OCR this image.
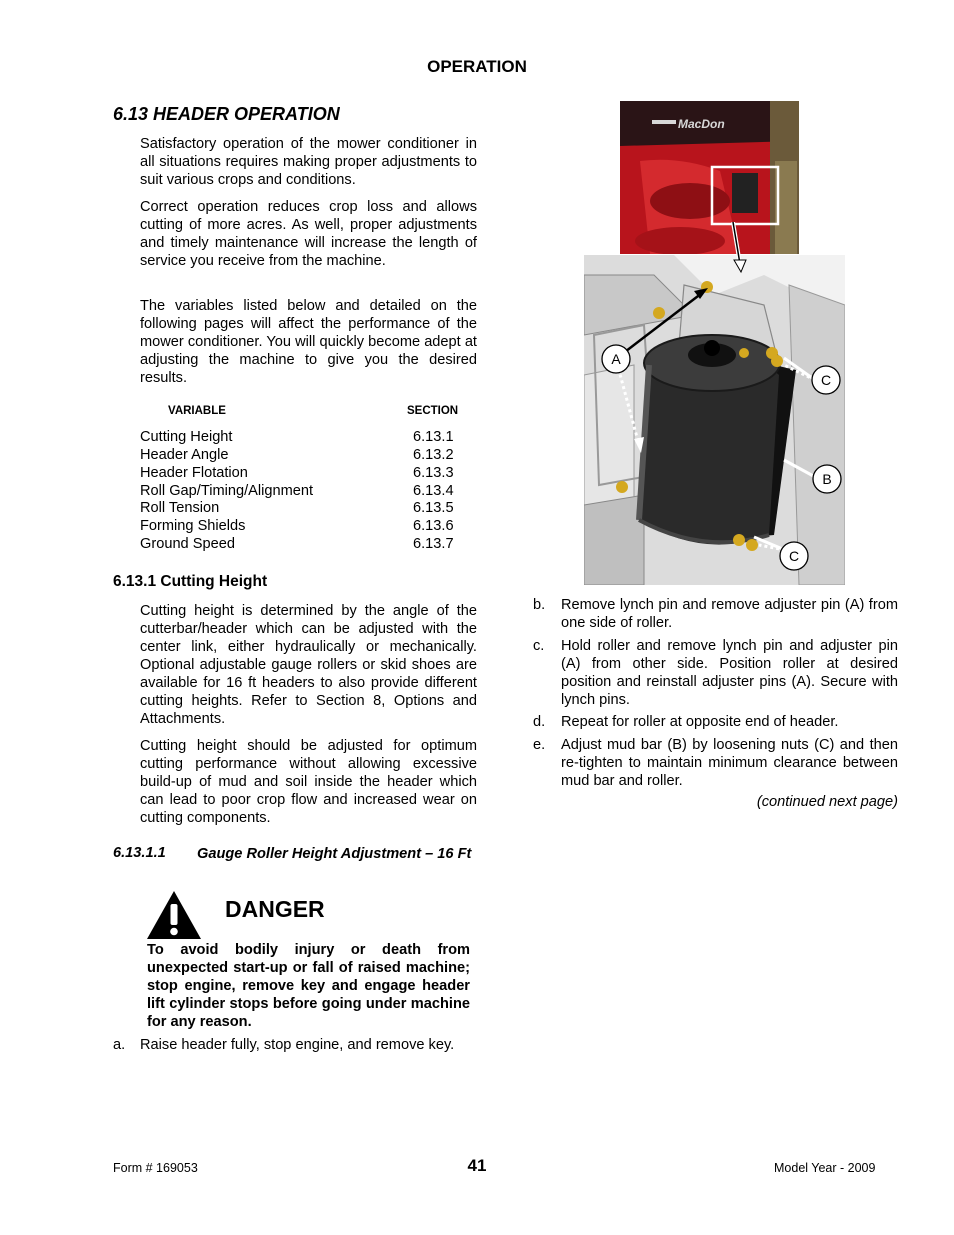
OPERATION
6.13 HEADER OPERATION
Satisfactory operation of the mower conditioner in all situations requires making proper adjustments to suit various crops and conditions.
Correct operation reduces crop loss and allows cutting of more acres. As well, proper adjustments and timely maintenance will increase the length of service you receive from the machine.
The variables listed below and detailed on the following pages will affect the performance of the mower conditioner. You will quickly become adept at adjusting the machine to give you the desired results.
VARIABLE	SECTION
Cutting Height	6.13.1
Header Angle	6.13.2
Header Flotation	6.13.3
Roll Gap/Timing/Alignment	6.13.4
Roll Tension	6.13.5
Forming Shields	6.13.6
Ground Speed	6.13.7
6.13.1 Cutting Height
Cutting height is determined by the angle of the cutterbar/header which can be adjusted with the center link, either hydraulically or mechanically. Optional adjustable gauge rollers or skid shoes are available for 16 ft headers to also provide different cutting heights. Refer to Section 8, Options and Attachments.
Cutting height should be adjusted for optimum cutting performance without allowing excessive build-up of mud and soil inside the header which can lead to poor crop flow and increased wear on cutting components.
6.13.1.1 Gauge Roller Height Adjustment – 16 Ft
DANGER
To avoid bodily injury or death from unexpected start-up or fall of raised machine; stop engine, remove key and engage header lift cylinder stops before going under machine for any reason.
a. Raise header fully, stop engine, and remove key.
MacDon
A
C
B
C
b. Remove lynch pin and remove adjuster pin (A) from one side of roller.
c. Hold roller and remove lynch pin and adjuster pin (A) from other side. Position roller at desired position and reinstall adjuster pins (A). Secure with lynch pins.
d. Repeat for roller at opposite end of header.
e. Adjust mud bar (B) by loosening nuts (C) and then re-tighten to maintain minimum clearance between mud bar and roller.
(continued next page)
Form # 169053	41	Model Year - 2009
